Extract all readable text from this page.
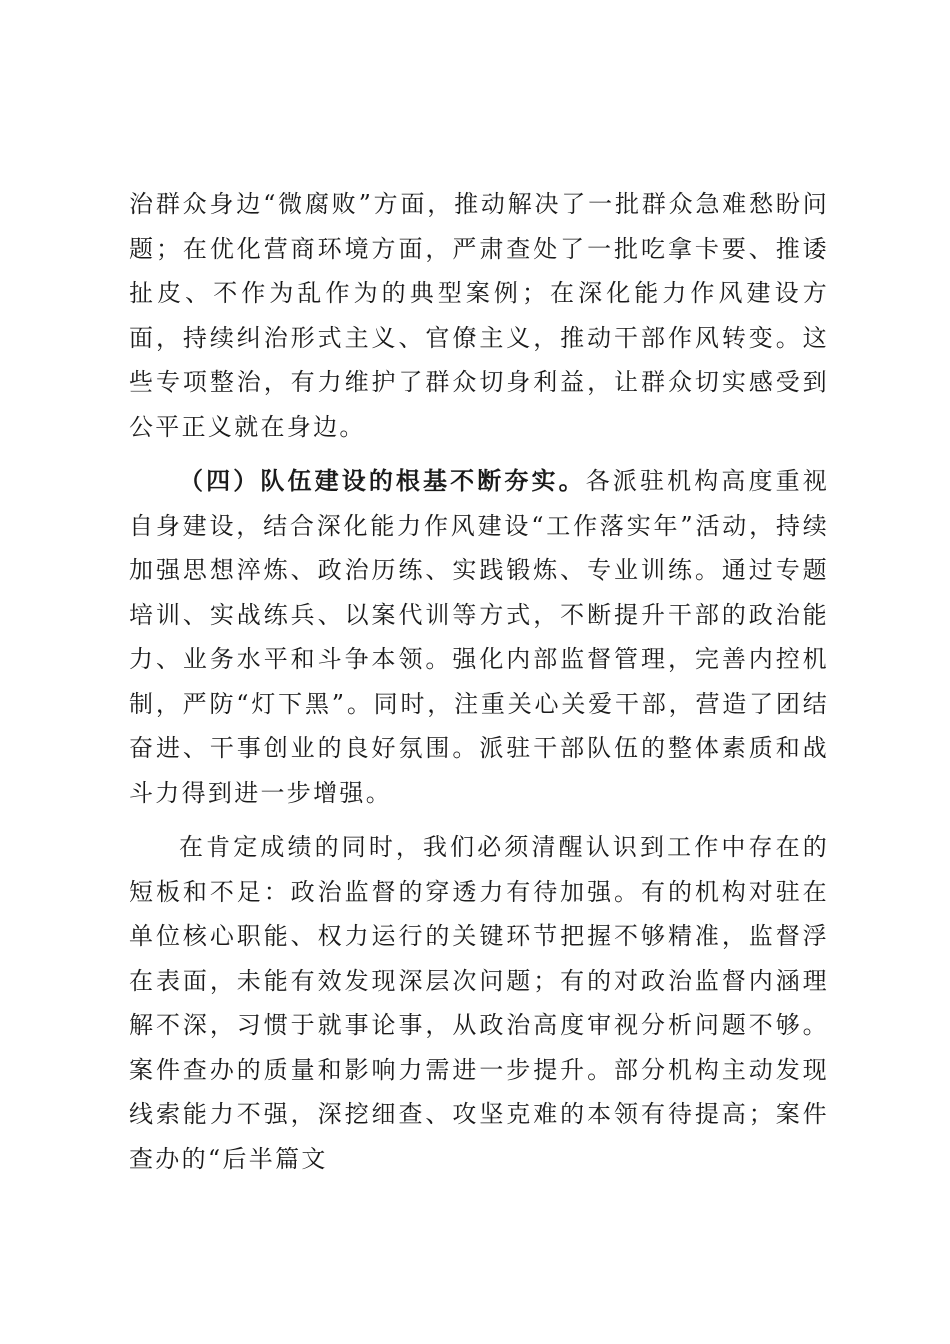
治群众身边“微腐败”方面，推动解决了一批群众急难愁盼问题；在优化营商环境方面，严肃查处了一批吃拿卡要、推诿扯皮、不作为乱作为的典型案例；在深化能力作风建设方面，持续纠治形式主义、官僚主义，推动干部作风转变。这些专项整治，有力维护了群众切身利益，让群众切实感受到公平正义就在身边。

（四）队伍建设的根基不断夯实。各派驻机构高度重视自身建设，结合深化能力作风建设“工作落实年”活动，持续加强思想淬炼、政治历练、实践锻炼、专业训练。通过专题培训、实战练兵、以案代训等方式，不断提升干部的政治能力、业务水平和斗争本领。强化内部监督管理，完善内控机制，严防“灯下黑”。同时，注重关心关爱干部，营造了团结奋进、干事创业的良好氛围。派驻干部队伍的整体素质和战斗力得到进一步增强。

在肯定成绩的同时，我们必须清醒认识到工作中存在的短板和不足：政治监督的穿透力有待加强。有的机构对驻在单位核心职能、权力运行的关键环节把握不够精准，监督浮在表面，未能有效发现深层次问题；有的对政治监督内涵理解不深，习惯于就事论事，从政治高度审视分析问题不够。案件查办的质量和影响力需进一步提升。部分机构主动发现线索能力不强，深挖细查、攻坚克难的本领有待提高；案件查办的“后半篇文
